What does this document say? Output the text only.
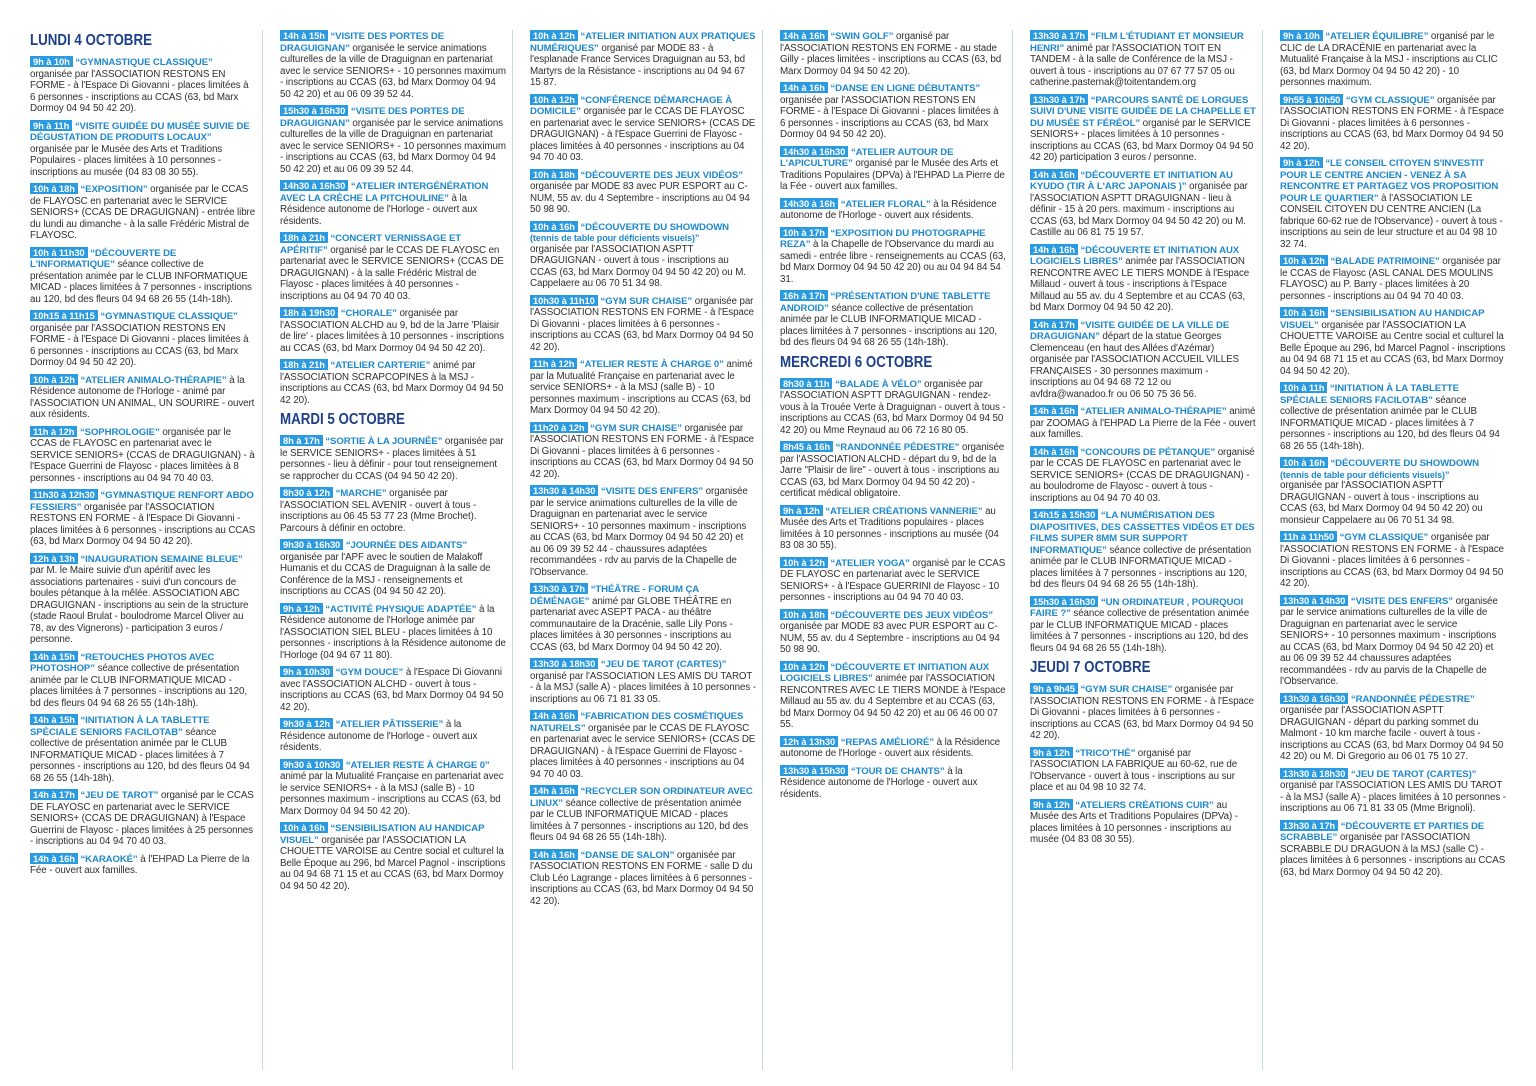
LUNDI 4 OCTOBRE
9h à 10h “GYMNASTIQUE CLASSIQUE” organisée par l'ASSOCIATION RESTONS EN FORME - à l'Espace Di Giovanni - places limitées à 6 personnes - inscriptions au CCAS (63, bd Marx Dormoy 04 94 50 42 20).
9h à 11h “VISITE GUIDÉE DU MUSÉE SUIVIE DE DÉGUSTATION DE PRODUITS LOCAUX” organisée par le Musée des Arts et Traditions Populaires - places limitées à 10 personnes - inscriptions au musée (04 83 08 30 55).
10h à 18h “EXPOSITION” organisée par le CCAS de FLAYOSC en partenariat avec le SERVICE SENIORS+ (CCAS DE DRAGUIGNAN) - entrée libre du lundi au dimanche - à la salle Frédéric Mistral de FLAYOSC.
10h à 11h30 “DÉCOUVERTE DE L'INFORMATIQUE” séance collective de présentation animée par le CLUB INFORMATIQUE MICAD - places limitées à 7 personnes - inscriptions au 120, bd des fleurs 04 94 68 26 55 (14h-18h).
10h15 à 11h15 “GYMNASTIQUE CLASSIQUE” organisée par l'ASSOCIATION RESTONS EN FORME - à l'Espace Di Giovanni - places limitées à 6 personnes - inscriptions au CCAS (63, bd Marx Dormoy 04 94 50 42 20).
10h à 12h “ATELIER ANIMALO-THÉRAPIE” à la Résidence autonome de l'Horloge - animé par l'ASSOCIATION UN ANIMAL, UN SOURIRE - ouvert aux résidents.
11h à 12h “SOPHROLOGIE” organisée par le CCAS de FLAYOSC en partenariat avec le SERVICE SENIORS+ (CCAS de DRAGUIGNAN) - à l'Espace Guerrini de Flayosc - places limitées à 8 personnes - inscriptions au 04 94 70 40 03.
11h30 à 12h30 “GYMNASTIQUE RENFORT ABDO FESSIERS” organisée par l'ASSOCIATION RESTONS EN FORME - à l'Espace Di Giovanni - places limitées à 6 personnes - inscriptions au CCAS (63, bd Marx Dormoy 04 94 50 42 20).
12h à 13h “INAUGURATION SEMAINE BLEUE” par M. le Maire suivie d'un apéritif avec les associations partenaires - suivi d'un concours de boules pétanque à la mêlée. ASSOCIATION ABC DRAGUIGNAN - inscriptions au sein de la structure (stade Raoul Brulat - boulodrome Marcel Oliver au 78, av des Vignerons) - participation 3 euros / personne.
14h à 15h “RETOUCHES PHOTOS AVEC PHOTOSHOP” séance collective de présentation animée par le CLUB INFORMATIQUE MICAD - places limitées à 7 personnes - inscriptions au 120, bd des fleurs 04 94 68 26 55 (14h-18h).
14h à 15h “INITIATION À LA TABLETTE SPÉCIALE SENIORS FACILOTAB” séance collective de présentation animée par le CLUB INFORMATIQUE MICAD - places limitées à 7 personnes - inscriptions au 120, bd des fleurs 04 94 68 26 55 (14h-18h).
14h à 17h “JEU DE TAROT” organisé par le CCAS DE FLAYOSC en partenariat avec le SERVICE SENIORS+ (CCAS DE DRAGUIGNAN) à l'Espace Guerrini de Flayosc - places limitées à 25 personnes - inscriptions au 04 94 70 40 03.
14h à 16h “KARAOKÉ” à l'EHPAD La Pierre de la Fée - ouvert aux familles.
14h à 15h “VISITE DES PORTES DE DRAGUIGNAN” organisée le service animations culturelles de la ville de Draguignan en partenariat avec le service SENIORS+ - 10 personnes maximum - inscriptions au CCAS (63, bd Marx Dormoy 04 94 50 42 20) et au 06 09 39 52 44.
15h30 à 16h30 “VISITE DES PORTES DE DRAGUIGNAN” organisée par le service animations culturelles de la ville de Draguignan en partenariat avec le service SENIORS+ - 10 personnes maximum - inscriptions au CCAS (63, bd Marx Dormoy 04 94 50 42 20) et au 06 09 39 52 44.
14h30 à 16h30 “ATELIER INTERGÉNÉRATION AVEC LA CRÈCHE LA PITCHOULINE” à la Résidence autonome de l'Horloge - ouvert aux résidents.
18h à 21h “CONCERT VERNISSAGE ET APÉRITIF” organisé par le CCAS DE FLAYOSC en partenariat avec le SERVICE SENIORS+ (CCAS DE DRAGUIGNAN) - à la salle Frédéric Mistral de Flayosc - places limitées à 40 personnes - inscriptions au 04 94 70 40 03.
18h à 19h30 “CHORALE” organisée par l'ASSOCIATION ALCHD au 9, bd de la Jarre 'Plaisir de lire' - places limitées à 10 personnes - inscriptions au CCAS (63, bd Marx Dormoy 04 94 50 42 20).
18h à 21h “ATELIER CARTERIE” animé par l'ASSOCIATION SCRAPCOPINES à la MSJ - inscriptions au CCAS (63, bd Marx Dormoy 04 94 50 42 20).
MARDI 5 OCTOBRE
8h à 17h “SORTIE À LA JOURNÉE” organisée par le SERVICE SENIORS+ - places limitées à 51 personnes - lieu à définir - pour tout renseignement se rapprocher du CCAS (04 94 50 42 20).
8h30 à 12h “MARCHE” organisée par l'ASSOCIATION SEL AVENIR - ouvert à tous - inscriptions au 06 45 53 77 23 (Mme Brochet). Parcours à définir en octobre.
9h30 à 16h30 “JOURNÉE DES AIDANTS” organisée par l'APF avec le soutien de Malakoff Humanis et du CCAS de Draguignan à la salle de Conférence de la MSJ - renseignements et inscriptions au CCAS (04 94 50 42 20).
9h à 12h “ACTIVITÉ PHYSIQUE ADAPTÉE” à la Résidence autonome de l'Horloge animée par l'ASSOCIATION SIEL BLEU - places limitées à 10 personnes - inscriptions à la Résidence autonome de l'Horloge (04 94 67 11 80).
9h à 10h30 “GYM DOUCE” à l'Espace Di Giovanni avec l'ASSOCIATION ALCHD - ouvert à tous - inscriptions au CCAS (63, bd Marx Dormoy 04 94 50 42 20).
9h30 à 12h “ATELIER PÂTISSERIE” à la Résidence autonome de l'Horloge - ouvert aux résidents.
9h30 à 10h30 “ATELIER RESTE À CHARGE 0” animé par la Mutualité Française en partenariat avec le service SENIORS+ - à la MSJ (salle B) - 10 personnes maximum - inscriptions au CCAS (63, bd Marx Dormoy 04 94 50 42 20).
10h à 16h “SENSIBILISATION AU HANDICAP VISUEL” organisée par l'ASSOCIATION LA CHOUETTE VAROISE au Centre social et culturel la Belle Époque au 296, bd Marcel Pagnol - inscriptions au 04 94 68 71 15 et au CCAS (63, bd Marx Dormoy 04 94 50 42 20).
10h à 12h “ATELIER INITIATION AUX PRATIQUES NUMÉRIQUES” organisé par MODE 83 - à l'esplanade France Services Draguignan au 53, bd Martyrs de la Résistance - inscriptions au 04 94 67 15 87.
10h à 12h “CONFÉRENCE DÉMARCHAGE À DOMICILE” organisée par le CCAS DE FLAYOSC en partenariat avec le service SENIORS+ (CCAS DE DRAGUIGNAN) - à l'Espace Guerrini de Flayosc - places limitées à 40 personnes - inscriptions au 04 94 70 40 03.
10h à 18h “DÉCOUVERTE DES JEUX VIDÉOS” organisée par MODE 83 avec PUR ESPORT au C-NUM, 55 av. du 4 Septembre - inscriptions au 04 94 50 98 90.
10h à 16h “DÉCOUVERTE DU SHOWDOWN
(tennis de table pour déficients visuels)”
organisée par l'ASSOCIATION ASPTT DRAGUIGNAN - ouvert à tous - inscriptions au CCAS (63, bd Marx Dormoy 04 94 50 42 20) ou M. Cappelaere au 06 70 51 34 98.
10h30 à 11h10 “GYM SUR CHAISE” organisée par l'ASSOCIATION RESTONS EN FORME - à l'Espace Di Giovanni - places limitées à 6 personnes - inscriptions au CCAS (63, bd Marx Dormoy 04 94 50 42 20).
11h à 12h “ATELIER RESTE À CHARGE 0” animé par la Mutualité Française en partenariat avec le service SENIORS+ - à la MSJ (salle B) - 10 personnes maximum - inscriptions au CCAS (63, bd Marx Dormoy 04 94 50 42 20).
11h20 à 12h “GYM SUR CHAISE” organisée par l'ASSOCIATION RESTONS EN FORME - à l'Espace Di Giovanni - places limitées à 6 personnes - inscriptions au CCAS (63, bd Marx Dormoy 04 94 50 42 20).
13h30 à 14h30 “VISITE DES ENFERS” organisée par le service animations culturelles de la ville de Draguignan en partenariat avec le service SENIORS+ - 10 personnes maximum - inscriptions au CCAS (63, bd Marx Dormoy 04 94 50 42 20) et au 06 09 39 52 44 - chaussures adaptées recommandées - rdv au parvis de la Chapelle de l'Observance.
13h30 à 17h “THÉÂTRE - FORUM ÇA DÉMÉNAGE” animé par GLOBE THÉÂTRE en partenariat avec ASEPT PACA - au théâtre communautaire de la Dracénie, salle Lily Pons - places limitées à 30 personnes - inscriptions au CCAS (63, bd Marx Dormoy 04 94 50 42 20).
13h30 à 18h30 “JEU DE TAROT (CARTES)” organisé par l'ASSOCIATION LES AMIS DU TAROT - à la MSJ (salle A) - places limitées à 10 personnes - inscriptions au 06 71 81 33 05.
14h à 16h “FABRICATION DES COSMÉTIQUES NATURELS” organisée par le CCAS DE FLAYOSC en partenariat avec le service SENIORS+ (CCAS DE DRAGUIGNAN) - à l'Espace Guerrini de Flayosc - places limitées à 40 personnes - inscriptions au 04 94 70 40 03.
14h à 16h “RECYCLER SON ORDINATEUR AVEC LINUX” séance collective de présentation animée par le CLUB INFORMATIQUE MICAD - places limitées à 7 personnes - inscriptions au 120, bd des fleurs 04 94 68 26 55 (14h-18h).
14h à 16h “DANSE DE SALON” organisée par l'ASSOCIATION RESTONS EN FORME - salle D du Club Léo Lagrange - places limitées à 6 personnes - inscriptions au CCAS (63, bd Marx Dormoy 04 94 50 42 20).
14h à 16h “SWIN GOLF” organisé par l'ASSOCIATION RESTONS EN FORME - au stade Gilly - places limitées - inscriptions au CCAS (63, bd Marx Dormoy 04 94 50 42 20).
14h à 16h “DANSE EN LIGNE DÉBUTANTS” organisée par l'ASSOCIATION RESTONS EN FORME - à l'Espace Di Giovanni - places limitées à 6 personnes - inscriptions au CCAS (63, bd Marx Dormoy 04 94 50 42 20).
14h30 à 16h30 “ATELIER AUTOUR DE L'APICULTURE” organisé par le Musée des Arts et Traditions Populaires (DPVa) à l'EHPAD La Pierre de la Fée - ouvert aux familles.
14h30 à 16h “ATELIER FLORAL” à la Résidence autonome de l'Horloge - ouvert aux résidents.
10h à 17h “EXPOSITION DU PHOTOGRAPHE REZA” à la Chapelle de l'Observance du mardi au samedi - entrée libre - renseignements au CCAS (63, bd Marx Dormoy 04 94 50 42 20) ou au 04 94 84 54 31.
16h à 17h “PRÉSENTATION D'UNE TABLETTE ANDROID” séance collective de présentation animée par le CLUB INFORMATIQUE MICAD - places limitées à 7 personnes - inscriptions au 120, bd des fleurs 04 94 68 26 55 (14h-18h).
MERCREDI 6 OCTOBRE
8h30 à 11h “BALADE À VÉLO” organisée par l'ASSOCIATION ASPTT DRAGUIGNAN - rendez-vous à la Trouée Verte à Draguignan - ouvert à tous - inscriptions au CCAS (63, bd Marx Dormoy 04 94 50 42 20) ou Mme Reynaud au 06 72 16 80 05.
8h45 à 16h “RANDONNÉE PÉDESTRE” organisée par l'ASSOCIATION ALCHD - départ du 9, bd de la Jarre "Plaisir de lire" - ouvert à tous - inscriptions au CCAS (63, bd Marx Dormoy 04 94 50 42 20) - certificat médical obligatoire.
9h à 12h “ATELIER CRÉATIONS VANNERIE” au Musée des Arts et Traditions populaires - places limitées à 10 personnes - inscriptions au musée (04 83 08 30 55).
10h à 12h “ATELIER YOGA” organisé par le CCAS DE FLAYOSC en partenariat avec le SERVICE SENIORS+ - à l'Espace GUERRINI de Flayosc - 10 personnes - inscriptions au 04 94 70 40 03.
10h à 18h “DÉCOUVERTE DES JEUX VIDÉOS” organisée par MODE 83 avec PUR ESPORT au C-NUM, 55 av. du 4 Septembre - inscriptions au 04 94 50 98 90.
10h à 12h “DÉCOUVERTE ET INITIATION AUX LOGICIELS LIBRES” animée par l'ASSOCIATION RENCONTRES AVEC LE TIERS MONDE à l'Espace Millaud au 55 av. du 4 Septembre et au CCAS (63, bd Marx Dormoy 04 94 50 42 20) et au 06 46 00 07 55.
12h à 13h30 “REPAS AMÉLIORÉ” à la Résidence autonome de l'Horloge - ouvert aux résidents.
13h30 à 15h30 “TOUR DE CHANTS” à la Résidence autonome de l'Horloge - ouvert aux résidents.
13h30 à 17h “FILM L'ÉTUDIANT ET MONSIEUR HENRI” animé par l'ASSOCIATION TOIT EN TANDEM - à la salle de Conférence de la MSJ - ouvert à tous - inscriptions au 07 67 77 57 05 ou catherine.pasternak@toitentandem.org
13h30 à 17h “PARCOURS SANTÉ DE LORGUES SUIVI D'UNE VISITE GUIDÉE DE LA CHAPELLE ET DU MUSÉE ST FÉRÉOL” organisé par le SERVICE SENIORS+ - places limitées à 10 personnes - inscriptions au CCAS (63, bd Marx Dormoy 04 94 50 42 20) participation 3 euros / personne.
14h à 16h “DÉCOUVERTE ET INITIATION AU KYUDO (TIR À L'ARC JAPONAIS )” organisée par l'ASSOCIATION ASPTT DRAGUIGNAN - lieu à définir - 15 à 20 pers. maximum - inscriptions au CCAS (63, bd Marx Dormoy 04 94 50 42 20) ou M. Castille au 06 81 75 19 57.
14h à 16h “DÉCOUVERTE ET INITIATION AUX LOGICIELS LIBRES” animée par l'ASSOCIATION RENCONTRE AVEC LE TIERS MONDE à l'Espace Millaud - ouvert à tous - inscriptions à l'Espace Millaud au 55 av. du 4 Septembre et au CCAS (63, bd Marx Dormoy 04 94 50 42 20).
14h à 17h “VISITE GUIDÉE DE LA VILLE DE DRAGUIGNAN” départ de la statue Georges Clemenceau (en haut des Allées d'Azémar) organisée par l'ASSOCIATION ACCUEIL VILLES FRANÇAISES - 30 personnes maximum - inscriptions au 04 94 68 72 12 ou avfdra@wanadoo.fr ou 06 50 75 36 56.
14h à 16h “ATELIER ANIMALO-THÉRAPIE” animé par ZOOMAG à l'EHPAD La Pierre de la Fée - ouvert aux familles.
14h à 16h “CONCOURS DE PÉTANQUE” organisé par le CCAS DE FLAYOSC en partenariat avec le SERVICE SENIORS+ (CCAS DE DRAGUIGNAN) - au boulodrome de Flayosc - ouvert à tous - inscriptions au 04 94 70 40 03.
14h15 à 15h30 “LA NUMÉRISATION DES DIAPOSITIVES, DES CASSETTES VIDÉOS ET DES FILMS SUPER 8MM SUR SUPPORT INFORMATIQUE” séance collective de présentation animée par le CLUB INFORMATIQUE MICAD - places limitées à 7 personnes - inscriptions au 120, bd des fleurs 04 94 68 26 55 (14h-18h).
15h30 à 16h30 “UN ORDINATEUR , POURQUOI FAIRE ?” séance collective de présentation animée par le CLUB INFORMATIQUE MICAD - places limitées à 7 personnes - inscriptions au 120, bd des fleurs 04 94 68 26 55 (14h-18h).
JEUDI 7 OCTOBRE
9h à 9h45 “GYM SUR CHAISE” organisée par l'ASSOCIATION RESTONS EN FORME - à l'Espace Di Giovanni - places limitées à 6 personnes - inscriptions au CCAS (63, bd Marx Dormoy 04 94 50 42 20).
9h à 12h “TRICO'THÉ” organisé par l'ASSOCIATION LA FABRIQUE au 60-62, rue de l'Observance - ouvert à tous - inscriptions au sur place et au 04 98 10 32 74.
9h à 12h “ATELIERS CRÉATIONS CUIR” au Musée des Arts et Traditions Populaires (DPVa) - places limitées à 10 personnes - inscriptions au musée (04 83 08 30 55).
9h à 10h “ATELIER ÉQUILIBRE” organisé par le CLIC de LA DRACÉNIE en partenariat avec la Mutualité Française à la MSJ - inscriptions au CLIC (63, bd Marx Dormoy 04 94 50 42 20) - 10 personnes maximum.
9h55 à 10h50 “GYM CLASSIQUE” organisée par l'ASSOCIATION RESTONS EN FORME - à l'Espace Di Giovanni - places limitées à 6 personnes - inscriptions au CCAS (63, bd Marx Dormoy 04 94 50 42 20).
9h à 12h “LE CONSEIL CITOYEN S'INVESTIT POUR LE CENTRE ANCIEN - VENEZ À SA RENCONTRE ET PARTAGEZ VOS PROPOSITION POUR LE QUARTIER” à l'ASSOCIATION LE CONSEIL CITOYEN DU CENTRE ANCIEN (La fabrique 60-62 rue de l'Observance) - ouvert à tous - inscriptions au sein de leur structure et au 04 98 10 32 74.
10h à 12h “BALADE PATRIMOINE” organisée par le CCAS de Flayosc (ASL CANAL DES MOULINS FLAYOSC) au P. Barry - places limitées à 20 personnes - inscriptions au 04 94 70 40 03.
10h à 16h “SENSIBILISATION AU HANDICAP VISUEL” organisée par l'ASSOCIATION LA CHOUETTE VAROISE au Centre social et culturel la Belle Époque au 296, bd Marcel Pagnol - inscriptions au 04 94 68 71 15 et au CCAS (63, bd Marx Dormoy 04 94 50 42 20).
10h à 11h “INITIATION À LA TABLETTE SPÉCIALE SENIORS FACILOTAB” séance collective de présentation animée par le CLUB INFORMATIQUE MICAD - places limitées à 7 personnes - inscriptions au 120, bd des fleurs 04 94 68 26 55 (14h-18h).
10h à 16h “DÉCOUVERTE DU SHOWDOWN
(tennis de table pour déficients visuels)”
organisée par l'ASSOCIATION ASPTT DRAGUIGNAN - ouvert à tous - inscriptions au CCAS (63, bd Marx Dormoy 04 94 50 42 20) ou monsieur Cappelaere au 06 70 51 34 98.
11h à 11h50 “GYM CLASSIQUE” organisée par l'ASSOCIATION RESTONS EN FORME - à l'Espace Di Giovanni - places limitées à 6 personnes - inscriptions au CCAS (63, bd Marx Dormoy 04 94 50 42 20).
13h30 à 14h30 “VISITE DES ENFERS” organisée par le service animations culturelles de la ville de Draguignan en partenariat avec le service SENIORS+ - 10 personnes maximum - inscriptions au CCAS (63, bd Marx Dormoy 04 94 50 42 20) et au 06 09 39 52 44 chaussures adaptées recommandées - rdv au parvis de la Chapelle de l'Observance.
13h30 à 16h30 “RANDONNÉE PÉDESTRE” organisée par l'ASSOCIATION ASPTT DRAGUIGNAN - départ du parking sommet du Malmont - 10 km marche facile - ouvert à tous - inscriptions au CCAS (63, bd Marx Dormoy 04 94 50 42 20) ou M. Di Gregorio au 06 01 75 10 27.
13h30 à 18h30 “JEU DE TAROT (CARTES)” organisé par l'ASSOCIATION LES AMIS DU TAROT - à la MSJ (salle A) - places limitées à 10 personnes - inscriptions au 06 71 81 33 05 (Mme Brignoli).
13h30 à 17h “DÉCOUVERTE ET PARTIES DE SCRABBLE” organisée par l'ASSOCIATION SCRABBLE DU DRAGUON à la MSJ (salle C) - places limitées à 6 personnes - inscriptions au CCAS (63, bd Marx Dormoy 04 94 50 42 20).
